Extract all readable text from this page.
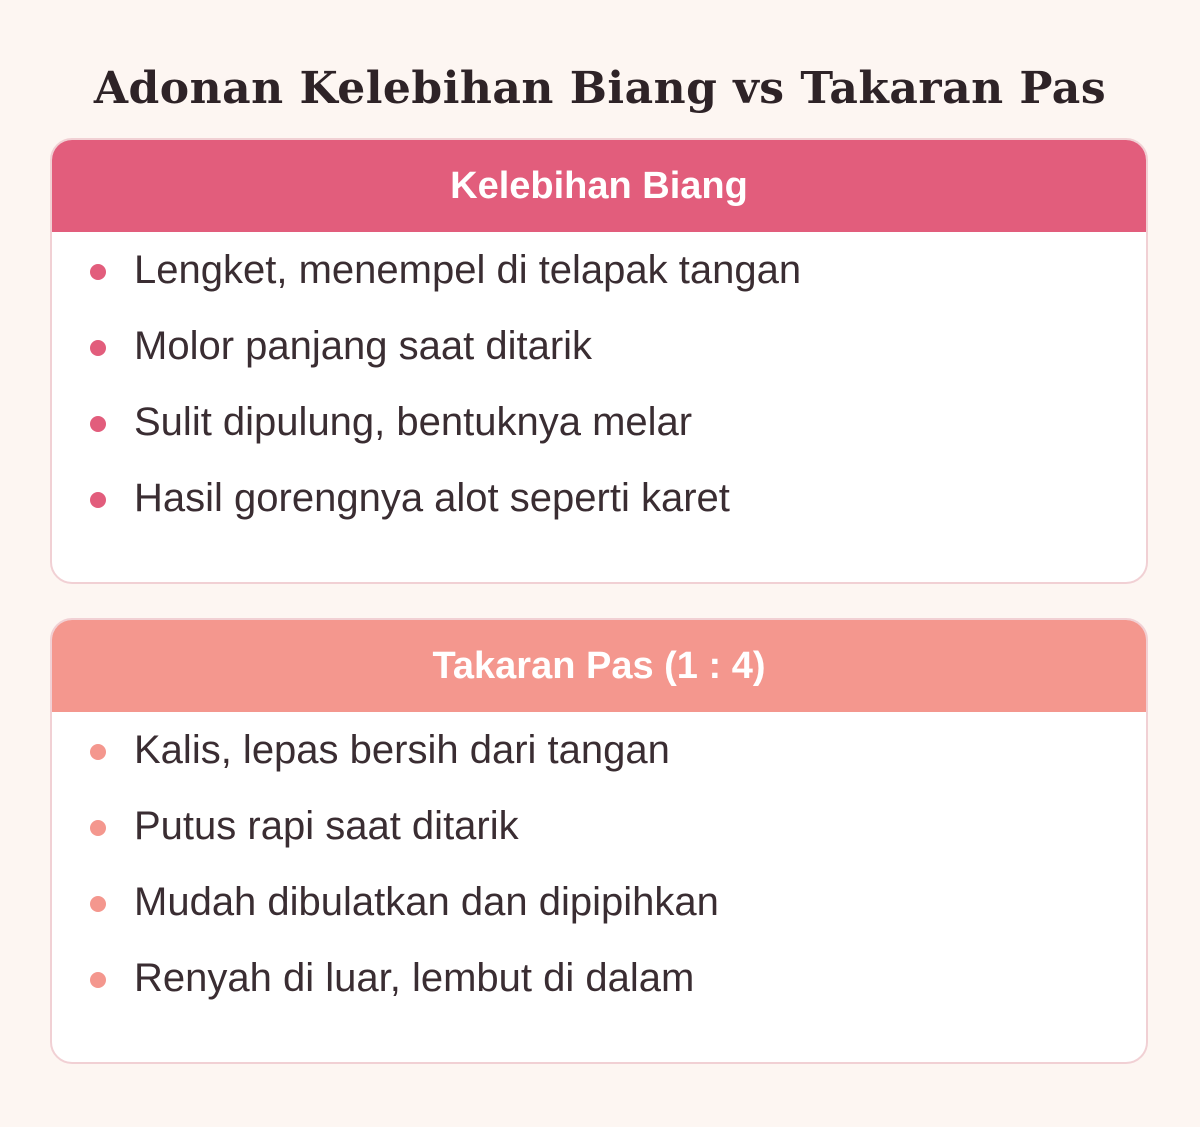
Adonan Kelebihan Biang vs Takaran Pas
Kelebihan Biang
Lengket, menempel di telapak tangan
Molor panjang saat ditarik
Sulit dipulung, bentuknya melar
Hasil gorengnya alot seperti karet
Takaran Pas (1 : 4)
Kalis, lepas bersih dari tangan
Putus rapi saat ditarik
Mudah dibulatkan dan dipipihkan
Renyah di luar, lembut di dalam
